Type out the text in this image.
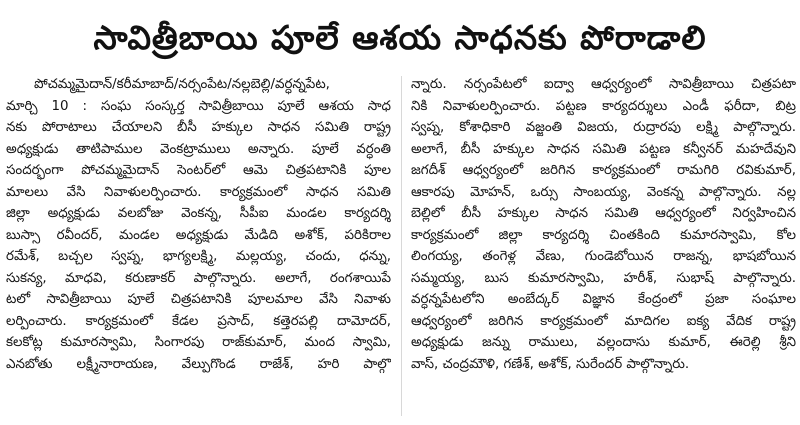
సావిత్రీబాయి పూలే ఆశయ సాధనకు పోరాడాలి
పోచమ్మమైదాన్/కరీమాబాద్/నర్సంపేట/నల్లబెల్లి/వర్ధన్నపేట,
మార్చి 10 : సంఘ సంస్కర్త సావిత్రీబాయి పూలే ఆశయ సాధ
నకు పోరాటాలు చేయాలని బీసీ హక్కుల సాధన సమితి రాష్ట్ర
అధ్యక్షుడు తాటిపాముల వెంకట్రాములు అన్నారు. పూలే వర్ధంతి
సందర్భంగా పోచమ్మమైదాన్ సెంటర్‌లో ఆమె చిత్రపటానికి పూల
మాలలు వేసి నివాళులర్పించారు. కార్యక్రమంలో సాధన సమితి
జిల్లా అధ్యక్షుడు వలబోజు వెంకన్న, సీపీఐ మండల కార్యదర్శి
బుస్సా రవీందర్, మండల అధ్యక్షుడు మేడిది అశోక్, పరికిరాల
రమేశ్, బచ్చల స్వప్న, భాగ్యలక్ష్మి, మల్లయ్య, చందు, ధన్ను,
సుకన్య, మాధవి, కరుణాకర్ పాల్గొన్నారు. అలాగే, రంగశాయిపే
టలో సావిత్రీబాయి పూలే చిత్రపటానికి పూలమాల వేసి నివాళు
లర్పించారు. కార్యక్రమంలో కేడల ప్రసాద్, కత్తెరపల్లి దామోదర్,
కలకోట్ల కుమారస్వామి, సింగారపు రాజ్‌కుమార్, మంద స్వామి,
ఎనబోతు లక్ష్మీనారాయణ, వేల్పుగొండ రాజేశ్, హరి పాల్గొ
న్నారు. నర్సంపేటలో ఐద్వా ఆధ్వర్యంలో సావిత్రీబాయి చిత్రపటా
నికి నివాళులర్పించారు. పట్టణ కార్యదర్శులు ఎండీ ఫరీదా, బిట్ర
స్వప్న, కోశాధికారి వజ్జంతి విజయ, రుద్రారపు లక్ష్మి పాల్గొన్నారు.
అలాగే, బీసీ హక్కుల సాధన సమితి పట్టణ కన్వీనర్ మహదేవుని
జగదీశ్ ఆధ్వర్యంలో జరిగిన కార్యక్రమంలో రామగిరి రవికుమార్,
ఆకారపు మోహన్, ఒర్సు సాంబయ్య, వెంకన్న పాల్గొన్నారు. నల్ల
బెల్లిలో బీసీ హక్కుల సాధన సమితి ఆధ్వర్యంలో నిర్వహించిన
కార్యక్రమంలో జిల్లా కార్యదర్శి చింతకింది కుమారస్వామి, కోల
లింగయ్య, తంగెళ్ల వేణు, గుండెబోయిన రాజన్న, భాషబోయిన
సమ్మయ్య, బుస కుమారస్వామి, హరీశ్, సుభాష్ పాల్గొన్నారు.
వర్ధన్నపేటలోని అంబేద్కర్ విజ్ఞాన కేంద్రంలో ప్రజా సంఘాల
ఆధ్వర్యంలో జరిగిన కార్యక్రమంలో మాదిగల ఐక్య వేదిక రాష్ట్ర
అధ్యక్షుడు జన్ను రాములు, వల్లందాసు కుమార్, ఈరెల్లి శ్రీని
వాస్, చంద్రమౌళి, గణేశ్, అశోక్, సురేందర్ పాల్గొన్నారు.
